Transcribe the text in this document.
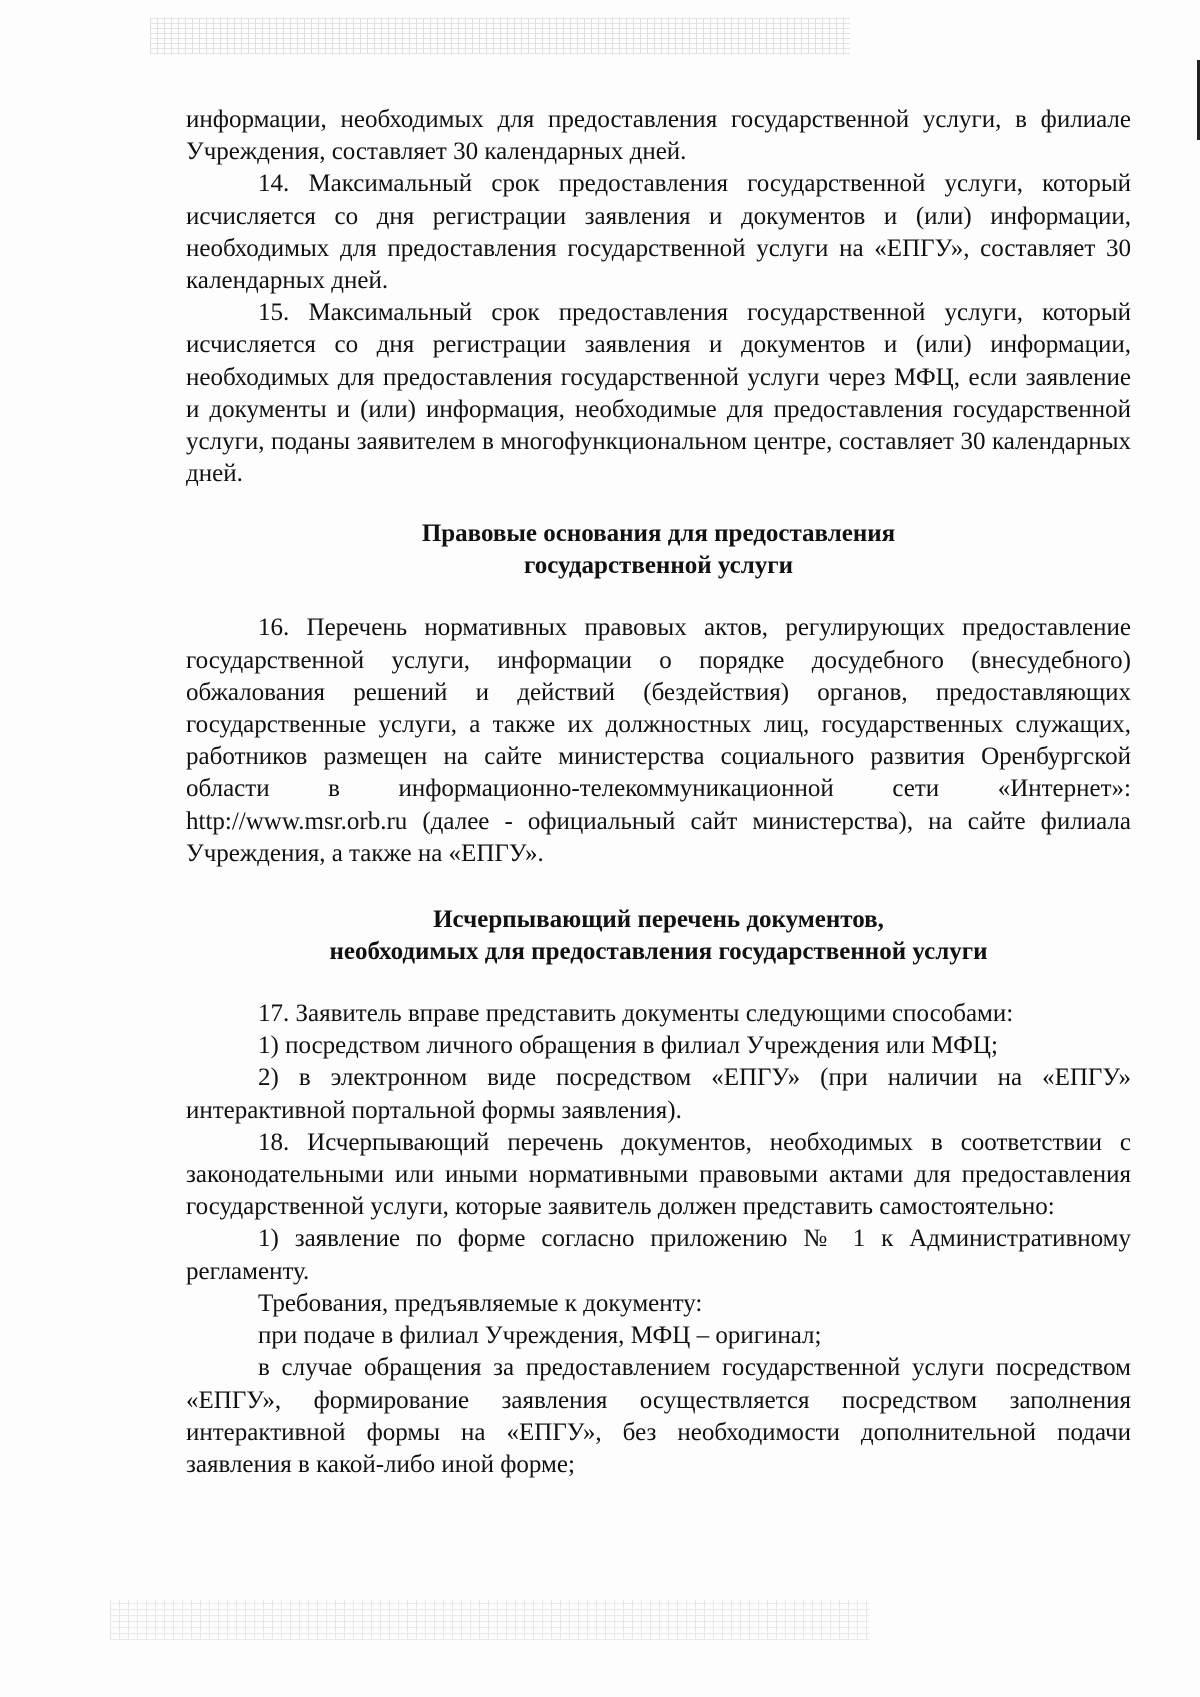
информации, необходимых для предоставления государственной услуги, в филиале Учреждения, составляет 30 календарных дней.

14. Максимальный срок предоставления государственной услуги, который исчисляется со дня регистрации заявления и документов и (или) информации, необходимых для предоставления государственной услуги на «ЕПГУ», составляет 30 календарных дней.

15. Максимальный срок предоставления государственной услуги, который исчисляется со дня регистрации заявления и документов и (или) информации, необходимых для предоставления государственной услуги через МФЦ, если заявление и документы и (или) информация, необходимые для предоставления государственной услуги, поданы заявителем в многофункциональном центре, составляет 30 календарных дней.

Правовые основания для предоставления
государственной услуги

16. Перечень нормативных правовых актов, регулирующих предоставление государственной услуги, информации о порядке досудебного (внесудебного) обжалования решений и действий (бездействия) органов, предоставляющих государственные услуги, а также их должностных лиц, государственных служащих, работников размещен на сайте министерства социального развития Оренбургской области в информационно-телекоммуникационной сети «Интернет»: http://www.msr.orb.ru (далее - официальный сайт министерства), на сайте филиала Учреждения, а также на «ЕПГУ».

Исчерпывающий перечень документов,
необходимых для предоставления государственной услуги

17. Заявитель вправе представить документы следующими способами:

1) посредством личного обращения в филиал Учреждения или МФЦ;

2) в электронном виде посредством «ЕПГУ» (при наличии на «ЕПГУ» интерактивной портальной формы заявления).

18. Исчерпывающий перечень документов, необходимых в соответствии с законодательными или иными нормативными правовыми актами для предоставления государственной услуги, которые заявитель должен представить самостоятельно:

1) заявление по форме согласно приложению № 1 к Административному регламенту.

Требования, предъявляемые к документу:

при подаче в филиал Учреждения, МФЦ – оригинал;

в случае обращения за предоставлением государственной услуги посредством «ЕПГУ», формирование заявления осуществляется посредством заполнения интерактивной формы на «ЕПГУ», без необходимости дополнительной подачи заявления в какой-либо иной форме;
